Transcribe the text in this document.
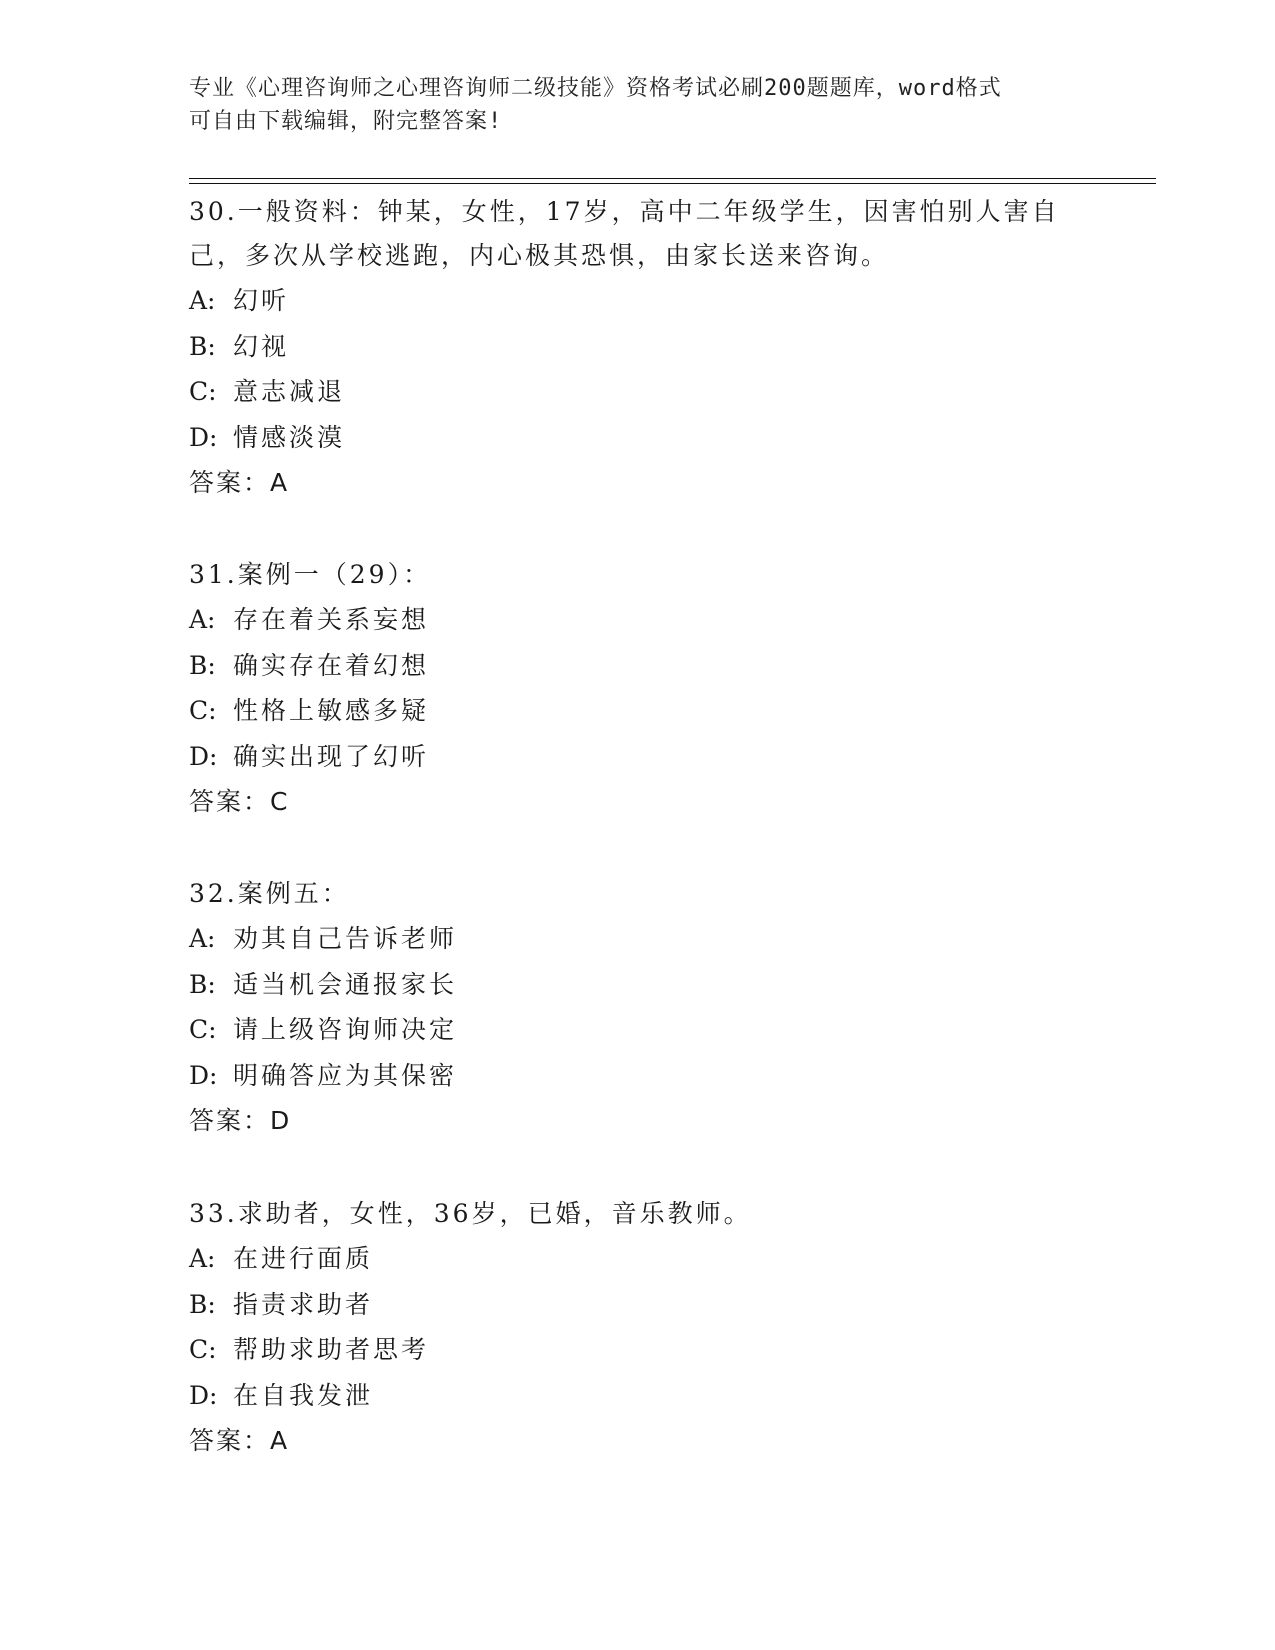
专业《心理咨询师之心理咨询师二级技能》资格考试必刷200题题库，word格式
可自由下载编辑，附完整答案!

30.一般资料：钟某，女性，17岁，高中二年级学生，因害怕别人害自

己，多次从学校逃跑，内心极其恐惧，由家长送来咨询。

A: 幻听

B: 幻视

C: 意志减退

D: 情感淡漠

答案：A

31.案例一（29）：

A: 存在着关系妄想

B: 确实存在着幻想

C: 性格上敏感多疑

D: 确实出现了幻听

答案：C

32.案例五：

A: 劝其自己告诉老师

B: 适当机会通报家长

C: 请上级咨询师决定

D: 明确答应为其保密

答案：D

33.求助者，女性，36岁，已婚，音乐教师。

A: 在进行面质

B: 指责求助者

C: 帮助求助者思考

D: 在自我发泄

答案：A
